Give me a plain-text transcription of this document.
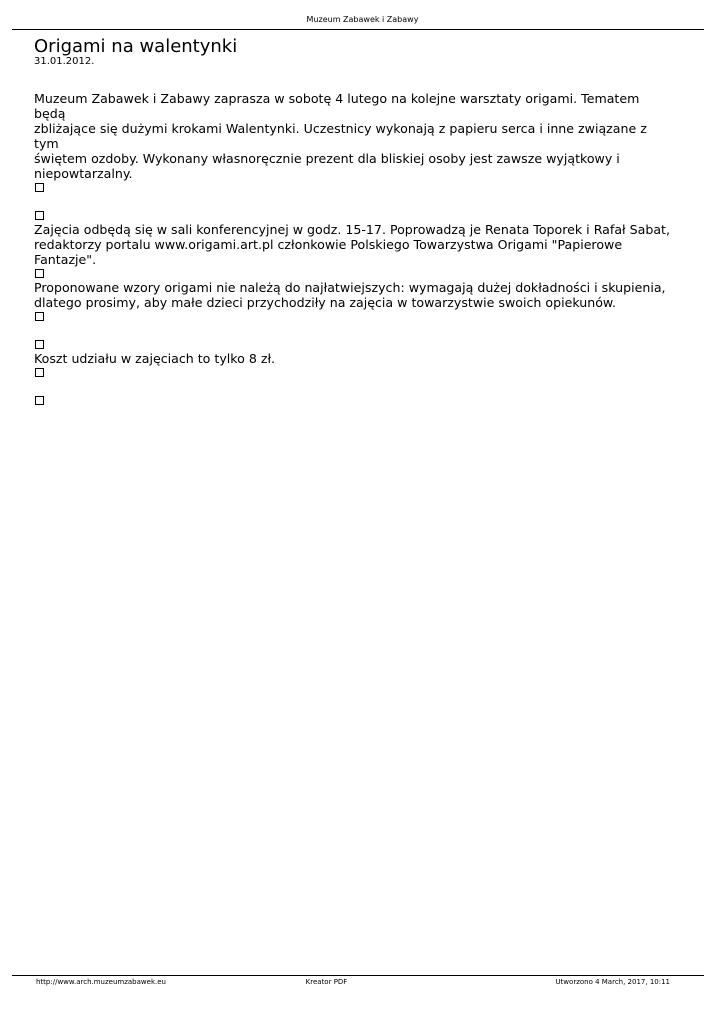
Muzeum Zabawek i Zabawy
Origami na walentynki
31.01.2012.

Muzeum Zabawek i Zabawy zaprasza w sobotę 4 lutego na kolejne warsztaty origami. Tematem będą
zbliżające się dużymi krokami Walentynki. Uczestnicy wykonają z papieru serca i inne związane z tym
świętem ozdoby. Wykonany własnoręcznie prezent dla bliskiej osoby jest zawsze wyjątkowy i
niepowtarzalny.

Zajęcia odbędą się w sali konferencyjnej w godz. 15-17. Poprowadzą je Renata Toporek i Rafał Sabat,
redaktorzy portalu www.origami.art.pl członkowie Polskiego Towarzystwa Origami "Papierowe Fantazje".

Proponowane wzory origami nie należą do najłatwiejszych: wymagają dużej dokładności i skupienia,
dlatego prosimy, aby małe dzieci przychodziły na zajęcia w towarzystwie swoich opiekunów.

Koszt udziału w zajęciach to tylko 8 zł.

http://www.arch.muzeumzabawek.eu	Kreator PDF	Utworzono 4 March, 2017, 10:11
